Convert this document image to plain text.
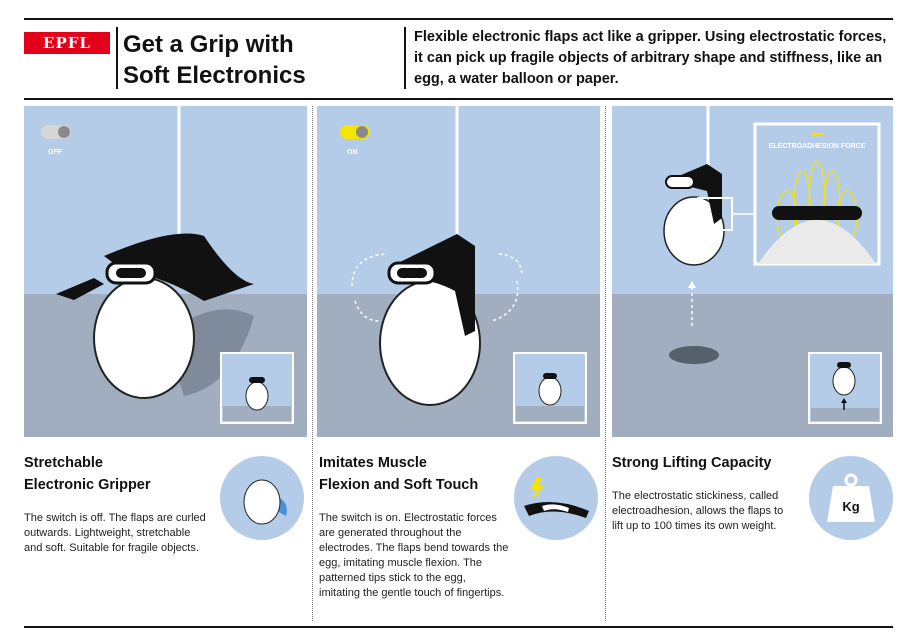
EPFL Get a Grip with
Soft Electronics
Flexible electronic flaps act like a gripper. Using electrostatic forces, it can pick up fragile objects of arbitrary shape and stiffness, like an egg, a water balloon or paper.
OFF	ON
ELECTROADHESION FORCE
Stretchable
Electronic Gripper
The switch is off. The flaps are curled outwards. Lightweight, stretchable and soft. Suitable for fragile objects.
Imitates Muscle
Flexion and Soft Touch
The switch is on. Electrostatic forces are generated throughout the electrodes. The flaps bend towards the egg, imitating muscle flexion. The patterned tips stick to the egg, imitating the gentle touch of fingertips.
Strong Lifting Capacity
The electrostatic stickiness, called electroadhesion, allows the flaps to lift up to 100 times its own weight.
Kg
